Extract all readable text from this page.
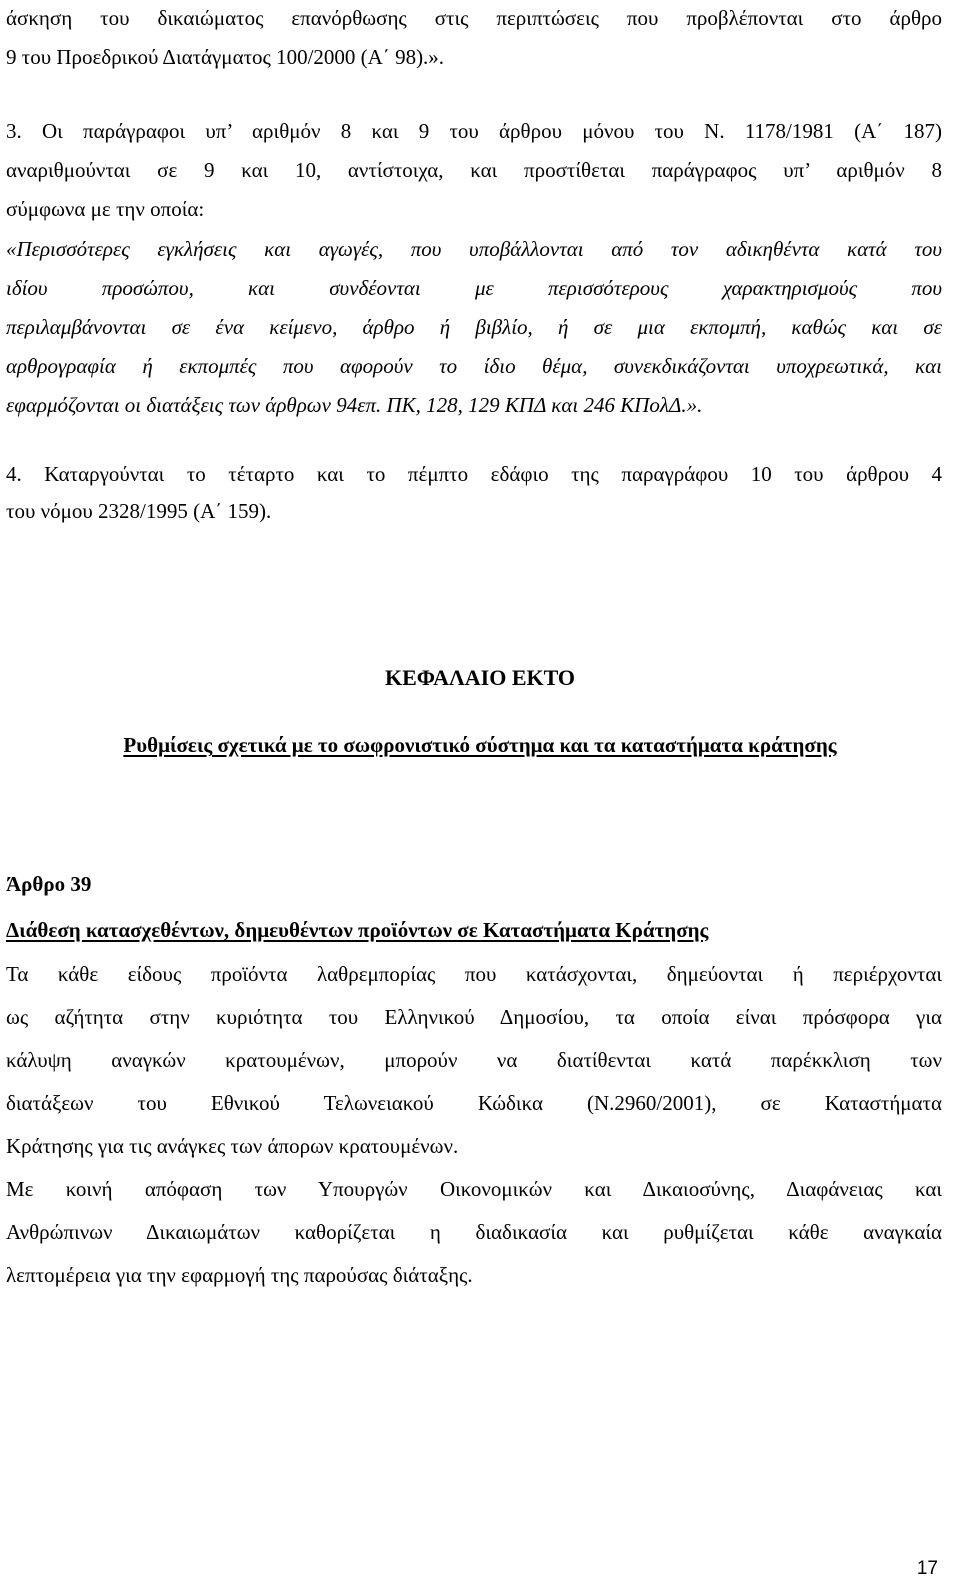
άσκηση του δικαιώματος επανόρθωσης στις περιπτώσεις που προβλέπονται στο άρθρο
9 του Προεδρικού Διατάγματος 100/2000 (Α΄ 98).».
3. Οι παράγραφοι υπ’ αριθμόν 8 και 9 του άρθρου μόνου του Ν. 1178/1981 (Α΄ 187)
αναριθμούνται σε 9 και 10, αντίστοιχα, και προστίθεται παράγραφος υπ’ αριθμόν 8
σύμφωνα με την οποία:
«Περισσότερες εγκλήσεις και αγωγές, που υποβάλλονται από τον αδικηθέντα κατά του
ιδίου προσώπου, και συνδέονται με περισσότερους χαρακτηρισμούς που
περιλαμβάνονται σε ένα κείμενο, άρθρο ή βιβλίο, ή σε μια εκπομπή, καθώς και σε
αρθρογραφία ή εκπομπές που αφορούν το ίδιο θέμα, συνεκδικάζονται υποχρεωτικά, και
εφαρμόζονται οι διατάξεις των άρθρων 94επ. ΠΚ, 128, 129 ΚΠΔ και 246 ΚΠολΔ.».
4. Καταργούνται το τέταρτο και το πέμπτο εδάφιο της παραγράφου 10 του άρθρου 4
του νόμου 2328/1995 (Α΄ 159).
ΚΕΦΑΛΑΙΟ ΕΚΤΟ
Ρυθμίσεις σχετικά με το σωφρονιστικό σύστημα και τα καταστήματα κράτησης
Άρθρο 39
Διάθεση κατασχεθέντων, δημευθέντων προϊόντων σε Καταστήματα Κράτησης
Τα κάθε είδους προϊόντα λαθρεμπορίας που κατάσχονται, δημεύονται ή περιέρχονται
ως αζήτητα στην κυριότητα του Ελληνικού Δημοσίου, τα οποία είναι πρόσφορα για
κάλυψη αναγκών κρατουμένων, μπορούν να διατίθενται κατά παρέκκλιση των
διατάξεων του Εθνικού Τελωνειακού Κώδικα (Ν.2960/2001), σε Καταστήματα
Κράτησης για τις ανάγκες των άπορων κρατουμένων.
Με κοινή απόφαση των Υπουργών Οικονομικών και Δικαιοσύνης, Διαφάνειας και
Ανθρώπινων Δικαιωμάτων καθορίζεται η διαδικασία και ρυθμίζεται κάθε αναγκαία
λεπτομέρεια για την εφαρμογή της παρούσας διάταξης.
17
